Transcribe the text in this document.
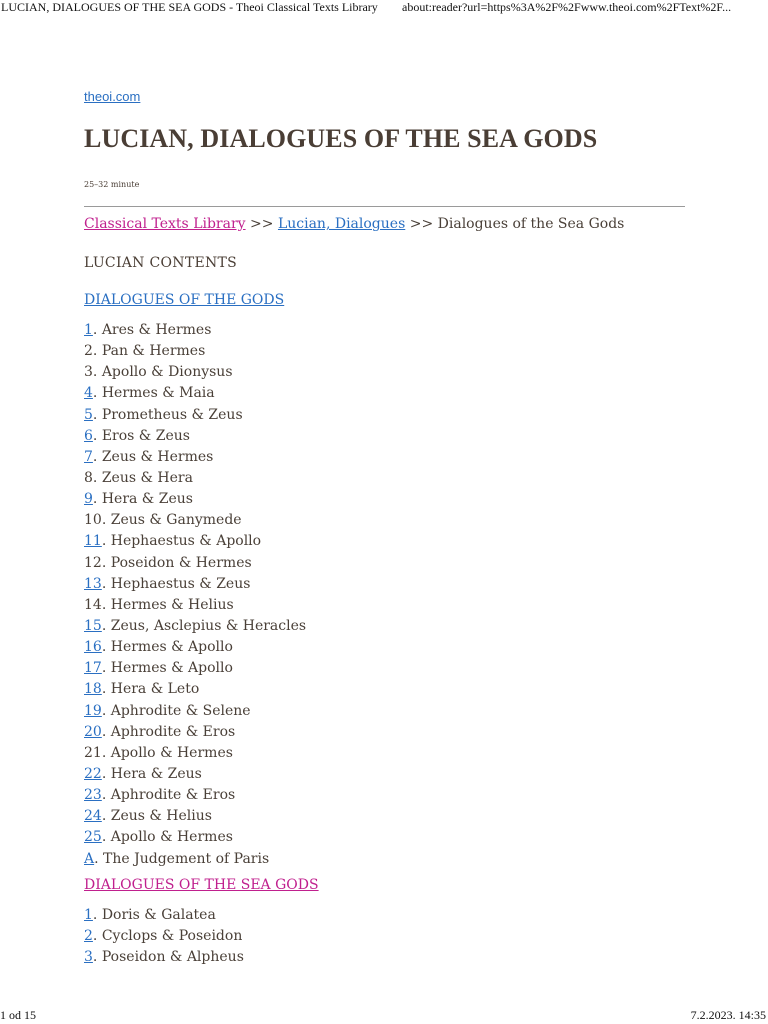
LUCIAN, DIALOGUES OF THE SEA GODS - Theoi Classical Texts Library about:reader?url=https%3A%2F%2Fwww.theoi.com%2FText%2F...
theoi.com
LUCIAN, DIALOGUES OF THE SEA GODS
25–32 minute
Classical Texts Library >> Lucian, Dialogues >> Dialogues of the Sea Gods
LUCIAN CONTENTS
DIALOGUES OF THE GODS
1. Ares & Hermes
2. Pan & Hermes
3. Apollo & Dionysus
4. Hermes & Maia
5. Prometheus & Zeus
6. Eros & Zeus
7. Zeus & Hermes
8. Zeus & Hera
9. Hera & Zeus
10. Zeus & Ganymede
11. Hephaestus & Apollo
12. Poseidon & Hermes
13. Hephaestus & Zeus
14. Hermes & Helius
15. Zeus, Asclepius & Heracles
16. Hermes & Apollo
17. Hermes & Apollo
18. Hera & Leto
19. Aphrodite & Selene
20. Aphrodite & Eros
21. Apollo & Hermes
22. Hera & Zeus
23. Aphrodite & Eros
24. Zeus & Helius
25. Apollo & Hermes
A. The Judgement of Paris
DIALOGUES OF THE SEA GODS
1. Doris & Galatea
2. Cyclops & Poseidon
3. Poseidon & Alpheus
1 od 15	7.2.2023. 14:35
